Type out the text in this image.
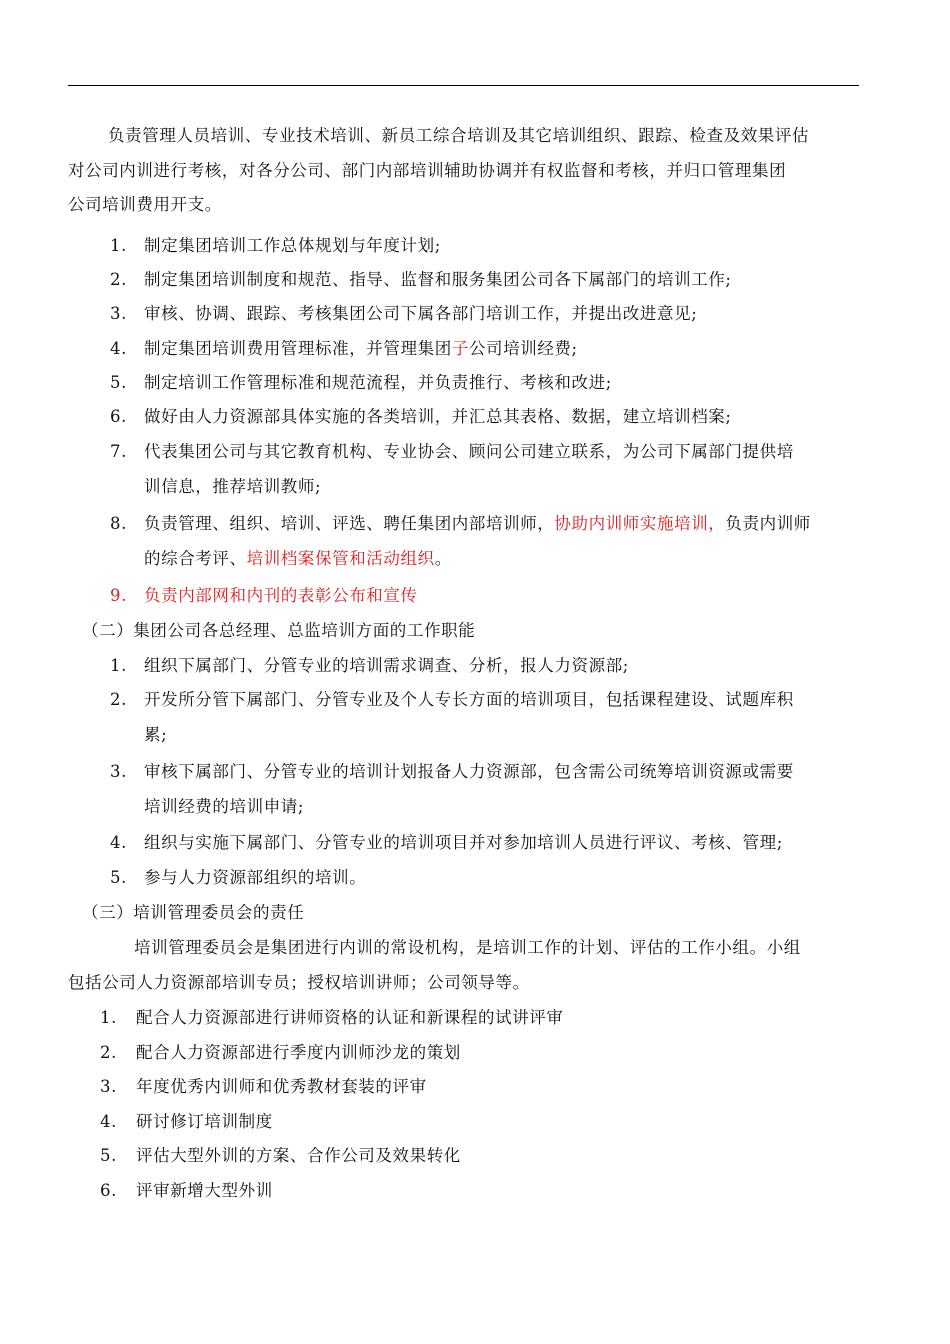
负责管理人员培训、专业技术培训、新员工综合培训及其它培训组织、跟踪、检查及效果评估
对公司内训进行考核，对各分公司、部门内部培训辅助协调并有权监督和考核，并归口管理集团
公司培训费用开支。
1.	制定集团培训工作总体规划与年度计划;
2.	制定集团培训制度和规范、指导、监督和服务集团公司各下属部门的培训工作;
3.	审核、协调、跟踪、考核集团公司下属各部门培训工作，并提出改进意见;
4.	制定集团培训费用管理标准，并管理集团子公司培训经费;
5.	制定培训工作管理标准和规范流程，并负责推行、考核和改进;
6.	做好由人力资源部具体实施的各类培训，并汇总其表格、数据，建立培训档案;
7.	代表集团公司与其它教育机构、专业协会、顾问公司建立联系，为公司下属部门提供培
训信息，推荐培训教师;
8.	负责管理、组织、培训、评选、聘任集团内部培训师，协助内训师实施培训，负责内训师
的综合考评、培训档案保管和活动组织。
9.	负责内部网和内刊的表彰公布和宣传
（二）集团公司各总经理、总监培训方面的工作职能
1.	组织下属部门、分管专业的培训需求调查、分析，报人力资源部;
2.	开发所分管下属部门、分管专业及个人专长方面的培训项目，包括课程建设、试题库积
累;
3.	审核下属部门、分管专业的培训计划报备人力资源部，包含需公司统筹培训资源或需要
培训经费的培训申请;
4.	组织与实施下属部门、分管专业的培训项目并对参加培训人员进行评议、考核、管理;
5.	参与人力资源部组织的培训。
（三）培训管理委员会的责任
培训管理委员会是集团进行内训的常设机构，是培训工作的计划、评估的工作小组。小组
包括公司人力资源部培训专员；授权培训讲师；公司领导等。
1.	配合人力资源部进行讲师资格的认证和新课程的试讲评审
2.	配合人力资源部进行季度内训师沙龙的策划
3.	年度优秀内训师和优秀教材套装的评审
4.	研讨修订培训制度
5.	评估大型外训的方案、合作公司及效果转化
6.	评审新增大型外训
